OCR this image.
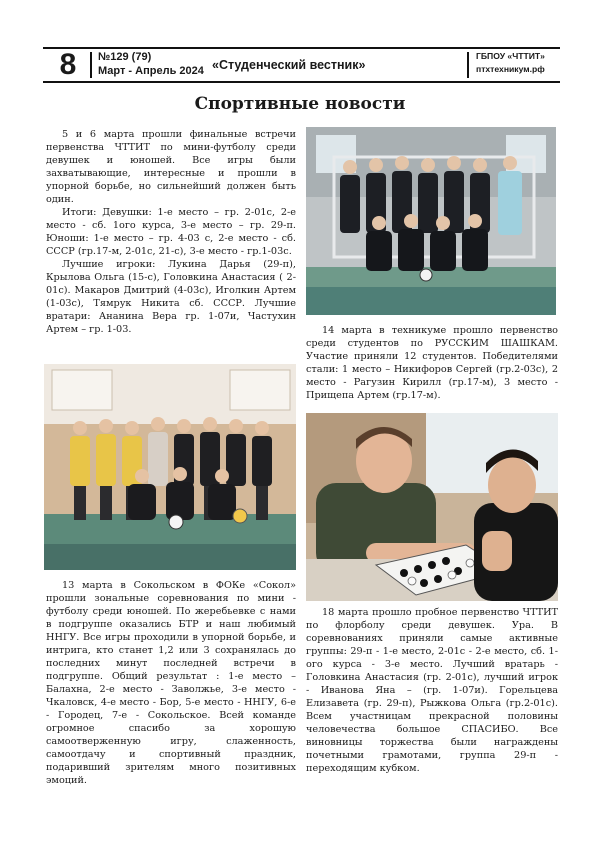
8	№129 (79)
Март - Апрель 2024 «Студенческий вестник»
ГБПОУ «ЧТТИТ»
птхтехникум.рф
Спортивные новости

5 и 6 марта прошли финальные встречи первенства ЧТТИТ по мини-футболу среди девушек и юношей. Все игры были захватывающие, интересные и прошли в упорной борьбе, но сильнейший должен быть один.

Итоги: Девушки: 1-е место – гр. 2-01с, 2-е место - сб. 1ого курса, 3-е место – гр. 29-п. Юноши: 1-е место – гр. 4-03 с, 2-е место - сб. СССР (гр.17-м, 2-01с, 21-с), 3-е место - гр.1-03с.

Лучшие игроки: Лукина Дарья (29-п), Крылова Ольга (15-с), Головкина Анастасия ( 2-01с). Макаров Дмитрий (4-03с), Иголкин Артем (1-03с), Тямрук Никита сб. СССР. Лучшие вратари: Ананина Вера гр. 1-07и, Частухин Артем – гр. 1-03.	14 марта в техникуме прошло первенство среди студентов по РУССКИМ ШАШКАМ. Участие приняли 12 студентов. Победителями стали: 1 место – Никифоров Сергей (гр.2-03с), 2 место - Рагузин Кирилл (гр.17-м), 3 место - Прищепа Артем (гр.17-м).

13 марта в Сокольском в ФОКе «Сокол» прошли зональные соревнования по мини - футболу среди юношей. По жеребьевке с нами в подгруппе оказались БТР и наш любимый ННГУ. Все игры проходили в упорной борьбе, и интрига, кто станет 1,2 или 3 сохранялась до последних минут последней встречи в подгруппе. Общий результат : 1-е место – Балахна, 2-е место - Заволжье, 3-е место - Чкаловск, 4-е место - Бор, 5-е место - ННГУ, 6-е - Городец, 7-е - Сокольское. Всей команде огромное спасибо за хорошую самоотверженную игру, слаженность, самоотдачу и спортивный праздник, подаривший зрителям много позитивных эмоций.

18 марта прошло пробное первенство ЧТТИТ по флорболу среди девушек. Ура. В соревнованиях приняли самые активные группы: 29-п - 1-е место, 2-01с - 2-е место, сб. 1-ого курса - 3-е место. Лучший вратарь - Головкина Анастасия (гр. 2-01с), лучший игрок - Иванова Яна – (гр. 1-07и). Горельцева Елизавета (гр. 29-п), Рыжкова Ольга (гр.2-01с). Всем участницам прекрасной половины человечества большое СПАСИБО. Все виновницы торжества были награждены почетными грамотами, группа 29-п - переходящим кубком.
